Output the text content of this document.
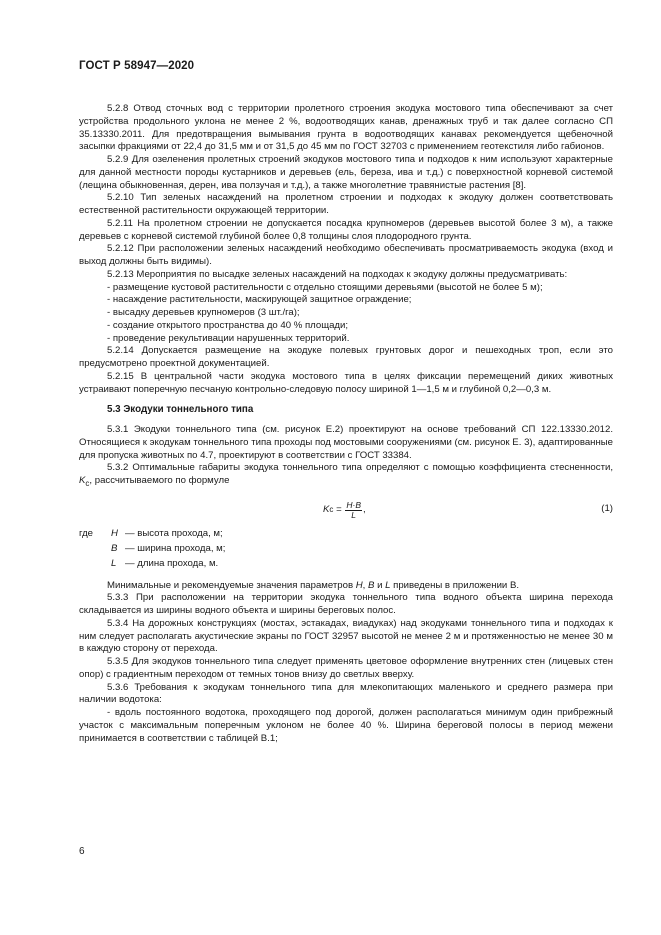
ГОСТ Р 58947—2020

5.2.8 Отвод сточных вод с территории пролетного строения экодука мостового типа обеспечивают за счет устройства продольного уклона не менее 2 %, водоотводящих канав, дренажных труб и так далее согласно СП 35.13330.2011. Для предотвращения вымывания грунта в водоотводящих канавах рекомендуется щебеночной засыпки фракциями от 22,4 до 31,5 мм и от 31,5 до 45 мм по ГОСТ 32703 с применением геотекстиля либо габионов.

5.2.9 Для озеленения пролетных строений экодуков мостового типа и подходов к ним используют характерные для данной местности породы кустарников и деревьев (ель, береза, ива и т.д.) с поверхностной корневой системой (лещина обыкновенная, дерен, ива ползучая и т.д.), а также многолетние травянистые растения [8].

5.2.10 Тип зеленых насаждений на пролетном строении и подходах к экодуку должен соответствовать естественной растительности окружающей территории.

5.2.11 На пролетном строении не допускается посадка крупномеров (деревьев высотой более 3 м), а также деревьев с корневой системой глубиной более 0,8 толщины слоя плодородного грунта.

5.2.12 При расположении зеленых насаждений необходимо обеспечивать просматриваемость экодука (вход и выход должны быть видимы).

5.2.13 Мероприятия по высадке зеленых насаждений на подходах к экодуку должны предусматривать:

- размещение кустовой растительности с отдельно стоящими деревьями (высотой не более 5 м);

- насаждение растительности, маскирующей защитное ограждение;

- высадку деревьев крупномеров (3 шт./га);

- создание открытого пространства до 40 % площади;

- проведение рекультивации нарушенных территорий.

5.2.14 Допускается размещение на экодуке полевых грунтовых дорог и пешеходных троп, если это предусмотрено проектной документацией.

5.2.15 В центральной части экодука мостового типа в целях фиксации перемещений диких животных устраивают поперечную песчаную контрольно-следовую полосу шириной 1—1,5 м и глубиной 0,2—0,3 м.

5.3 Экодуки тоннельного типа

5.3.1 Экодуки тоннельного типа (см. рисунок Е.2) проектируют на основе требований СП 122.13330.2012. Относящиеся к экодукам тоннельного типа проходы под мостовыми сооружениями (см. рисунок Е. 3), адаптированные для пропуска животных по 4.7, проектируют в соответствии с ГОСТ 33384.

5.3.2 Оптимальные габариты экодука тоннельного типа определяют с помощью коэффициента стесненности, $K_c$, рассчитываемого по формуле

K $c = \frac{H\cdot B}{L}$ ,	(1)
где	H — высота прохода, м;
B — ширина прохода, м;
L — длина прохода, м.

Минимальные и рекомендуемые значения параметров H, B и L приведены в приложении В.

5.3.3 При расположении на территории экодука тоннельного типа водного объекта ширина перехода складывается из ширины водного объекта и ширины береговых полос.

5.3.4 На дорожных конструкциях (мостах, эстакадах, виадуках) над экодуками тоннельного типа и подходах к ним следует располагать акустические экраны по ГОСТ 32957 высотой не менее 2 м и протяженностью не менее 30 м в каждую сторону от перехода.

5.3.5 Для экодуков тоннельного типа следует применять цветовое оформление внутренних стен (лицевых стен опор) с градиентным переходом от темных тонов внизу до светлых вверху.

5.3.6 Требования к экодукам тоннельного типа для млекопитающих маленького и среднего размера при наличии водотока:

- вдоль постоянного водотока, проходящего под дорогой, должен располагаться минимум один прибрежный участок с максимальным поперечным уклоном не более 40 %. Ширина береговой полосы в период межени принимается в соответствии с таблицей В.1;

6
